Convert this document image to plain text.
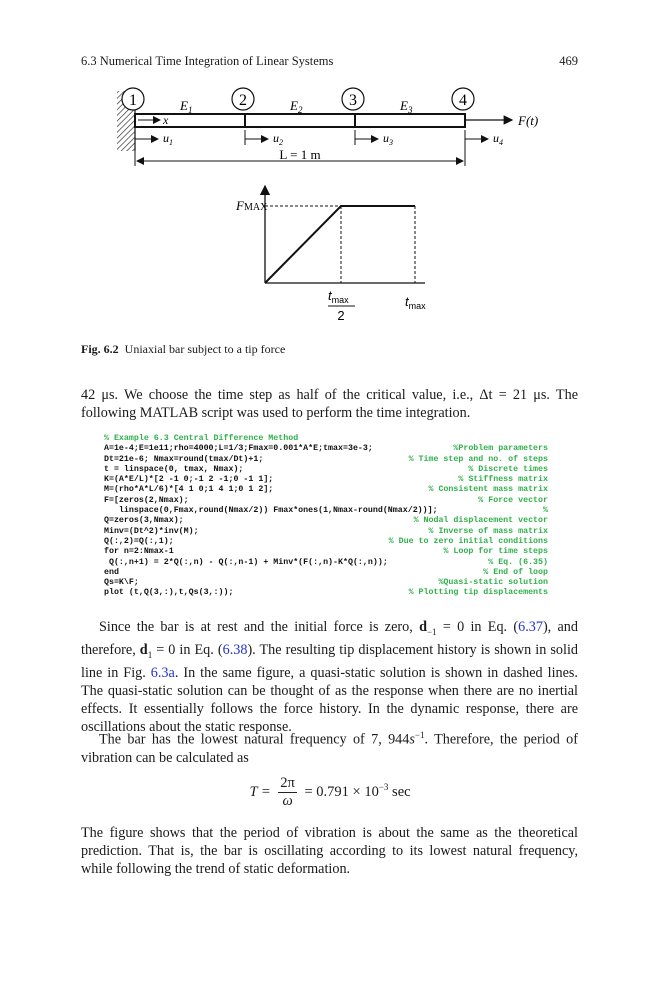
6.3 Numerical Time Integration of Linear Systems	469
1	2	3	4
$E_1$	$E_2$	$E_3$
x	F(t)
$u_1$	$u_2$	$u_3$	$u_4$
L = 1 m
FMAX
$t_{max}$
2
$t_{max}$
Fig. 6.2 Uniaxial bar subject to a tip force

42 μs. We choose the time step as half of the critical value, i.e., Δt = 21 μs. The following MATLAB script was used to perform the time integration.

% Example 6.3 Central Difference Method
A=1e-4;E=1e11;rho=4000;L=1/3;Fmax=0.001*A*E;tmax=3e-3;	%Problem parameters
Dt=21e-6; Nmax=round(tmax/Dt)+1;	% Time step and no. of steps
t = linspace(0, tmax, Nmax);	% Discrete times
K=(A*E/L)*[2 -1 0;-1 2 -1;0 -1 1];	% Stiffness matrix
M=(rho*A*L/6)*[4 1 0;1 4 1;0 1 2];	% Consistent mass matrix
F=[zeros(2,Nmax);	% Force vector
linspace(0,Fmax,round(Nmax/2)) Fmax*ones(1,Nmax-round(Nmax/2))];	%
Q=zeros(3,Nmax);	% Nodal displacement vector
Minv=(Dt^2)*inv(M);	% Inverse of mass matrix
Q(:,2)=Q(:,1);	% Due to zero initial conditions
for n=2:Nmax-1	% Loop for time steps
Q(:,n+1) = 2*Q(:,n) - Q(:,n-1) + Minv*(F(:,n)-K*Q(:,n));	% Eq. (6.35)
end	% End of loop
Qs=K\F;	%Quasi-static solution
plot (t,Q(3,:),t,Qs(3,:));	% Plotting tip displacements

Since the bar is at rest and the initial force is zero, $d_{-1} = 0$ in Eq. (6.37), and therefore, $d_1 = 0$ in Eq. (6.38). The resulting tip displacement history is shown in solid line in Fig. 6.3a. In the same figure, a quasi-static solution is shown in dashed lines. The quasi-static solution can be thought of as the response when there are no inertial effects. It essentially follows the force history. In the dynamic response, there are oscillations about the static response.

The bar has the lowest natural frequency of 7, $944s^{-1}$. Therefore, the period of vibration can be calculated as

$T = \frac{2\pi}{\omega} = 0.791 \times 10^{-3}$ sec

The figure shows that the period of vibration is about the same as the theoretical prediction. That is, the bar is oscillating according to its lowest natural frequency, while following the trend of static deformation.
